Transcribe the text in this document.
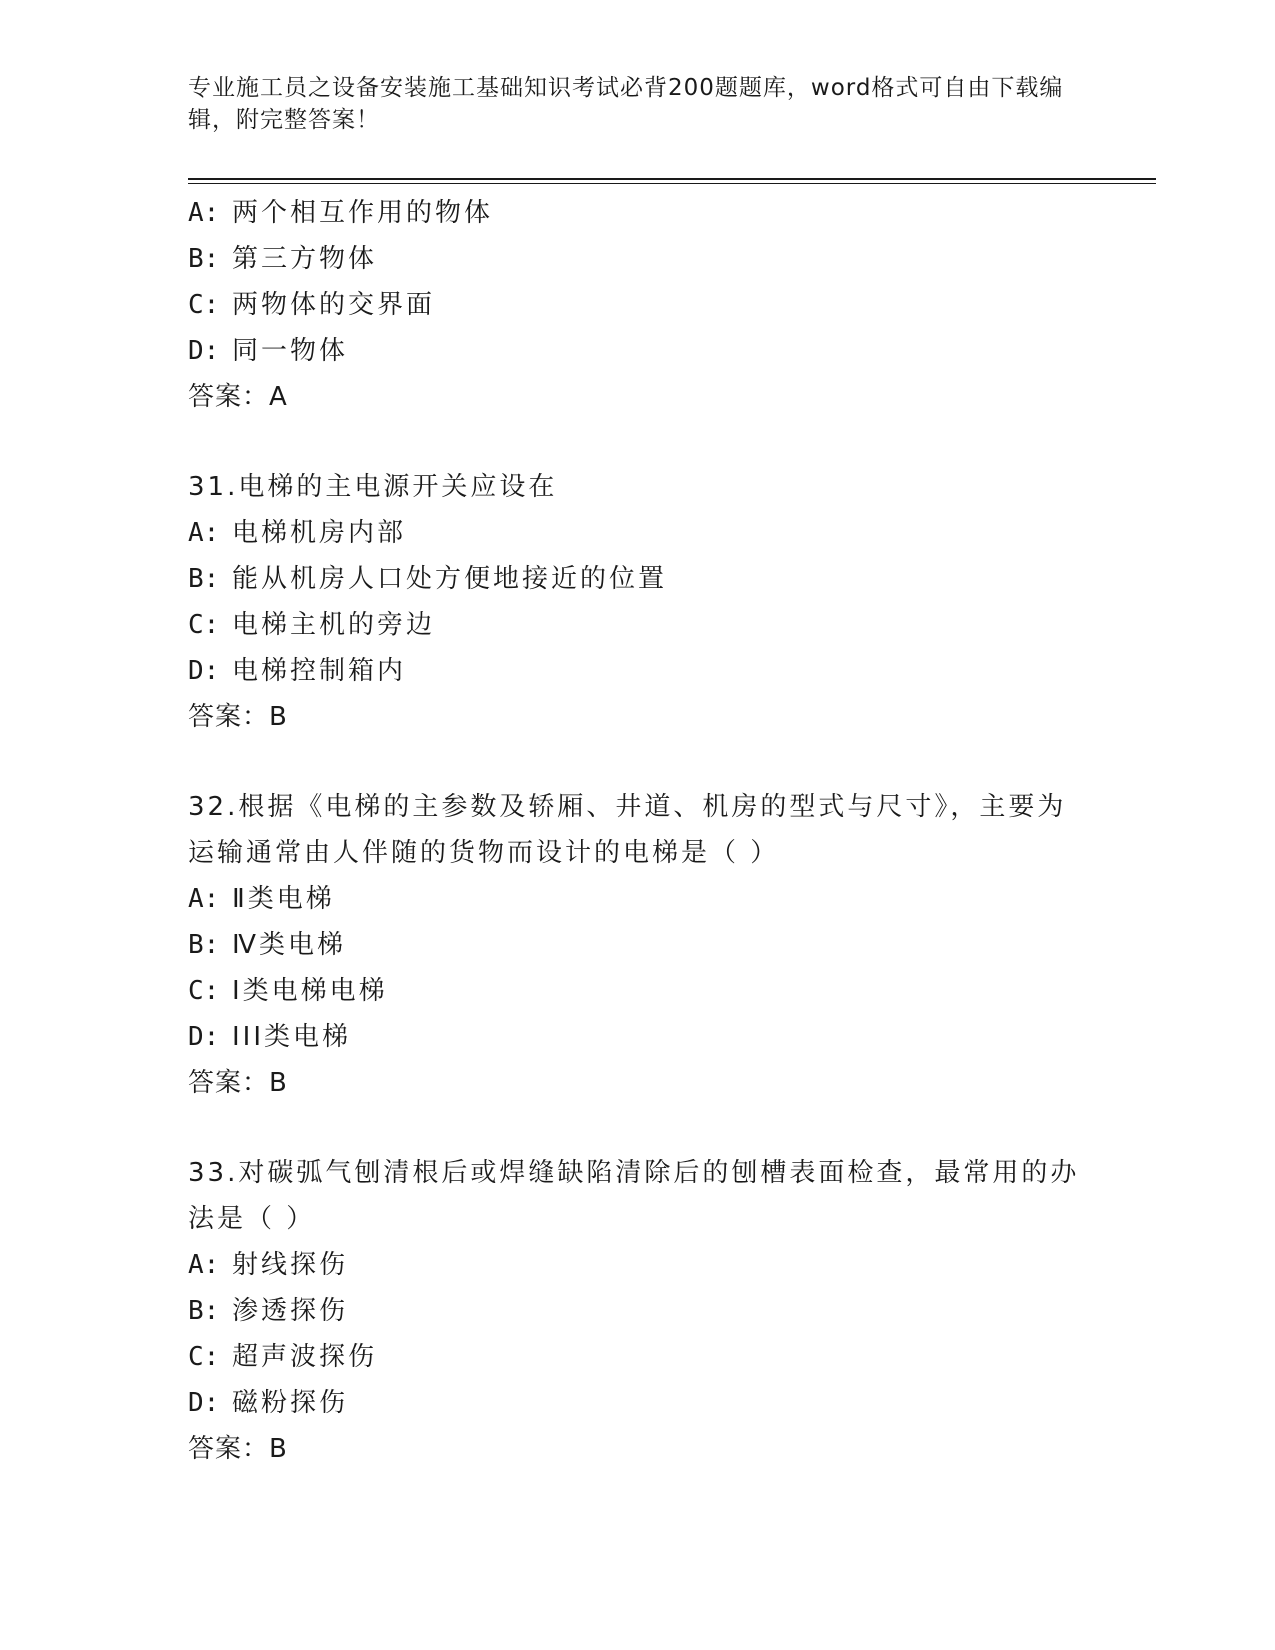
专业施工员之设备安装施工基础知识考试必背200题题库，word格式可自由下载编辑，附完整答案！
A: 两个相互作用的物体
B: 第三方物体
C: 两物体的交界面
D: 同一物体
答案：A
31.电梯的主电源开关应设在
A: 电梯机房内部
B: 能从机房人口处方便地接近的位置
C: 电梯主机的旁边
D: 电梯控制箱内
答案：B
32.根据《电梯的主参数及轿厢、井道、机房的型式与尺寸》，主要为运输通常由人伴随的货物而设计的电梯是（ ）
A: Ⅱ类电梯
B: Ⅳ类电梯
C: Ⅰ类电梯电梯
D: III类电梯
答案：B
33.对碳弧气刨清根后或焊缝缺陷清除后的刨槽表面检查，最常用的办法是（ ）
A: 射线探伤
B: 渗透探伤
C: 超声波探伤
D: 磁粉探伤
答案：B
